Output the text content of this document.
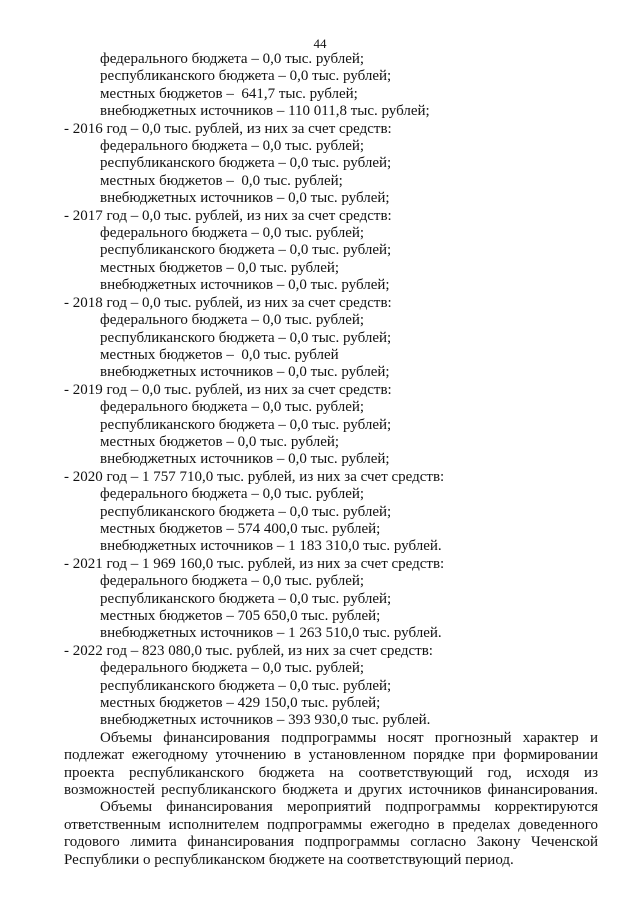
44
федерального бюджета – 0,0 тыс. рублей;
республиканского бюджета – 0,0 тыс. рублей;
местных бюджетов –  641,7 тыс. рублей;
внебюджетных источников – 110 011,8 тыс. рублей;
- 2016 год – 0,0 тыс. рублей, из них за счет средств:
федерального бюджета – 0,0 тыс. рублей;
республиканского бюджета – 0,0 тыс. рублей;
местных бюджетов –  0,0 тыс. рублей;
внебюджетных источников – 0,0 тыс. рублей;
- 2017 год – 0,0 тыс. рублей, из них за счет средств:
федерального бюджета – 0,0 тыс. рублей;
республиканского бюджета – 0,0 тыс. рублей;
местных бюджетов – 0,0 тыс. рублей;
внебюджетных источников – 0,0 тыс. рублей;
- 2018 год – 0,0 тыс. рублей, из них за счет средств:
федерального бюджета – 0,0 тыс. рублей;
республиканского бюджета – 0,0 тыс. рублей;
местных бюджетов –  0,0 тыс. рублей
внебюджетных источников – 0,0 тыс. рублей;
- 2019 год – 0,0 тыс. рублей, из них за счет средств:
федерального бюджета – 0,0 тыс. рублей;
республиканского бюджета – 0,0 тыс. рублей;
местных бюджетов – 0,0 тыс. рублей;
внебюджетных источников – 0,0 тыс. рублей;
- 2020 год – 1 757 710,0 тыс. рублей, из них за счет средств:
федерального бюджета – 0,0 тыс. рублей;
республиканского бюджета – 0,0 тыс. рублей;
местных бюджетов – 574 400,0 тыс. рублей;
внебюджетных источников – 1 183 310,0 тыс. рублей.
- 2021 год – 1 969 160,0 тыс. рублей, из них за счет средств:
федерального бюджета – 0,0 тыс. рублей;
республиканского бюджета – 0,0 тыс. рублей;
местных бюджетов – 705 650,0 тыс. рублей;
внебюджетных источников – 1 263 510,0 тыс. рублей.
- 2022 год – 823 080,0 тыс. рублей, из них за счет средств:
федерального бюджета – 0,0 тыс. рублей;
республиканского бюджета – 0,0 тыс. рублей;
местных бюджетов – 429 150,0 тыс. рублей;
внебюджетных источников – 393 930,0 тыс. рублей.
Объемы финансирования подпрограммы носят прогнозный характер и
подлежат ежегодному уточнению в установленном порядке при формировании
проекта республиканского бюджета на соответствующий год, исходя из
возможностей республиканского бюджета и других источников финансирования.
Объемы финансирования мероприятий подпрограммы корректируются
ответственным исполнителем подпрограммы ежегодно в пределах доведенного
годового лимита финансирования подпрограммы согласно Закону Чеченской
Республики о республиканском бюджете на соответствующий период.
